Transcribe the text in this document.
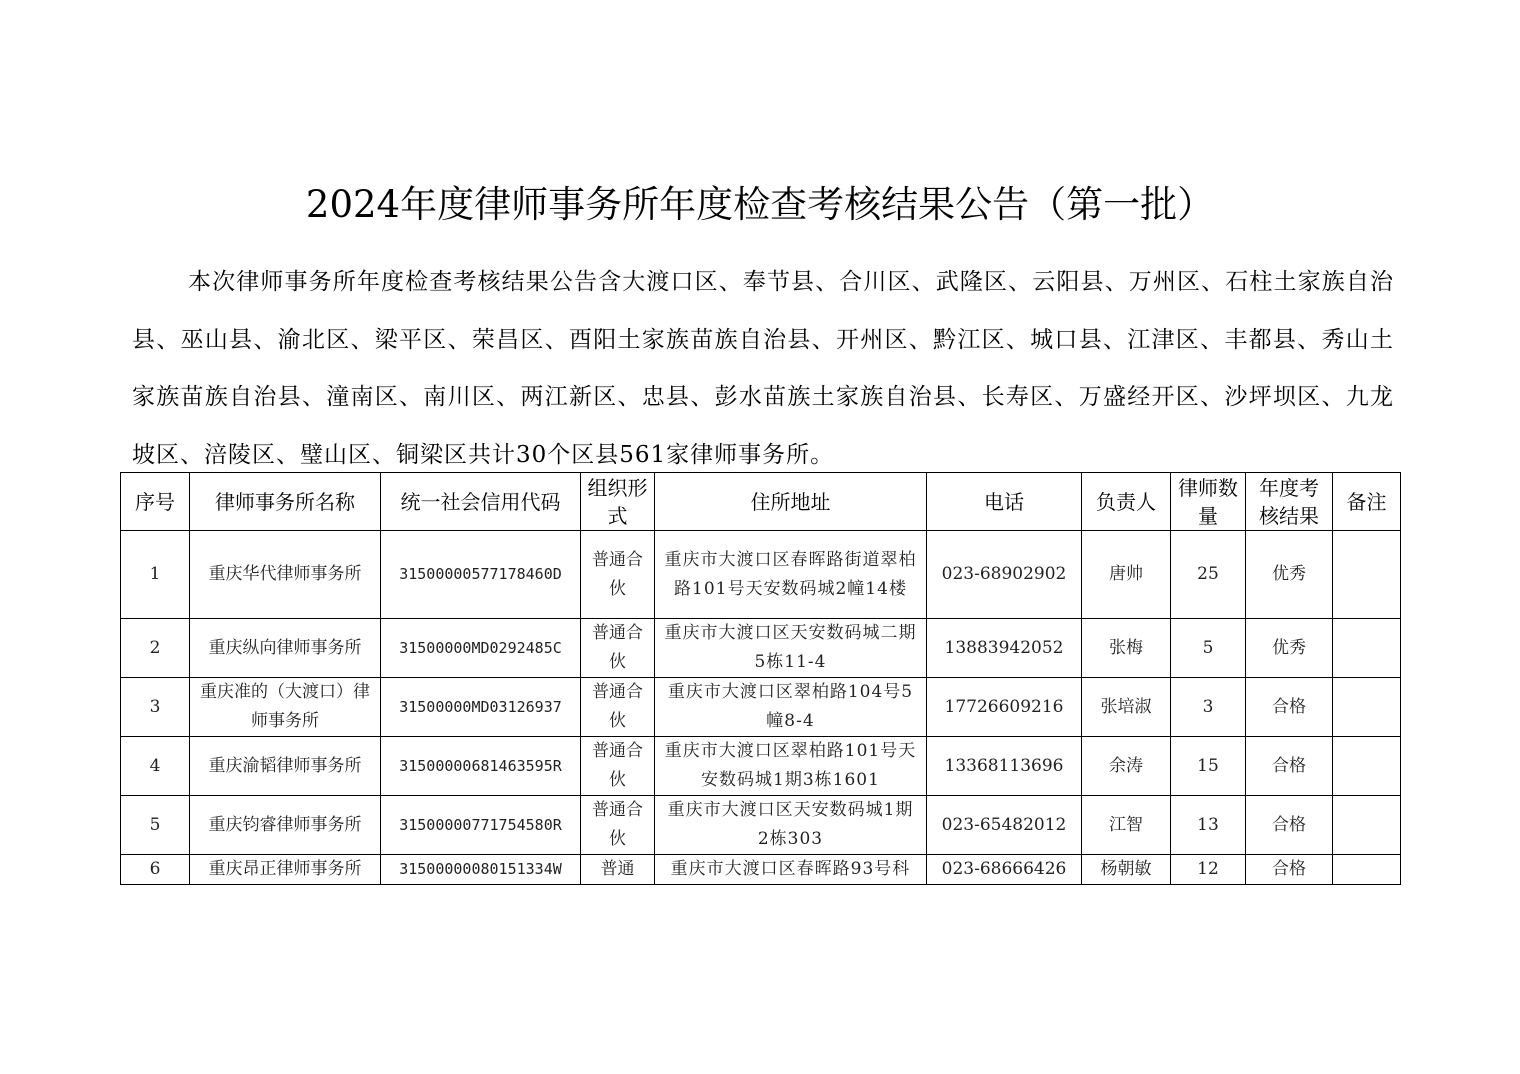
2024年度律师事务所年度检查考核结果公告（第一批）

本次律师事务所年度检查考核结果公告含大渡口区、奉节县、合川区、武隆区、云阳县、万州区、石柱土家族自治县、巫山县、渝北区、梁平区、荣昌区、酉阳土家族苗族自治县、开州区、黔江区、城口县、江津区、丰都县、秀山土家族苗族自治县、潼南区、南川区、两江新区、忠县、彭水苗族土家族自治县、长寿区、万盛经开区、沙坪坝区、九龙坡区、涪陵区、璧山区、铜梁区共计30个区县561家律师事务所。

序号	律师事务所名称	统一社会信用代码	组织形式	住所地址	电话	负责人	律师数量	年度考核结果	备注
1	重庆华代律师事务所	31500000577178460D	普通合伙	重庆市大渡口区春晖路街道翠柏路101号天安数码城2幢14楼	023-68902902	唐帅	25	优秀	
2	重庆纵向律师事务所	31500000MD0292485C	普通合伙	重庆市大渡口区天安数码城二期5栋11-4	13883942052	张梅	5	优秀	
3	重庆准的（大渡口）律师事务所	31500000MD03126937	普通合伙	重庆市大渡口区翠柏路104号5幢8-4	17726609216	张培淑	3	合格	
4	重庆渝韬律师事务所	31500000681463595R	普通合伙	重庆市大渡口区翠柏路101号天安数码城1期3栋1601	13368113696	余涛	15	合格	
5	重庆钧睿律师事务所	31500000771754580R	普通合伙	重庆市大渡口区天安数码城1期2栋303	023-65482012	江智	13	合格	
6	重庆昂正律师事务所	31500000080151334W	普通	重庆市大渡口区春晖路93号科	023-68666426	杨朝敏	12	合格	
